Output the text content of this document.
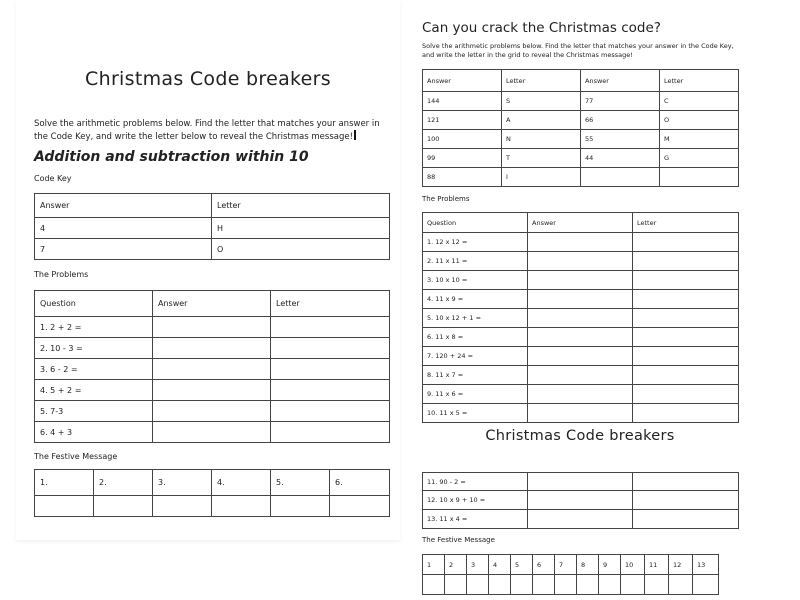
Christmas Code breakers
Solve the arithmetic problems below. Find the letter that matches your answer in the Code Key, and write the letter below to reveal the Christmas message!
Addition and subtraction within 10
Code Key
Answer	Letter
4	H
7	O
The Problems
Question	Answer	Letter
1. 2 + 2 =		
2. 10 - 3 =		
3. 6 - 2 =		
4. 5 + 2 =		
5. 7-3		
6. 4 + 3		
The Festive Message
1.	2.	3.	4.	5.	6.

Can you crack the Christmas code?
Solve the arithmetic problems below. Find the letter that matches your answer in the Code Key, and write the letter in the grid to reveal the Christmas message!
Answer	Letter	Answer	Letter
144	S	77	C
121	A	66	O
100	N	55	M
99	T	44	G
88	I		
The Problems
Question	Answer	Letter
1. 12 x 12 =		
2. 11 x 11 =		
3. 10 x 10 =		
4. 11 x 9 =		
5. 10 x 12 + 1 =		
6. 11 x 8 =		
7. 120 + 24 =		
8. 11 x 7 =		
9. 11 x 6 =		
10. 11 x 5 =		
Christmas Code breakers
11. 90 - 2 =		
12. 10 x 9 + 10 =		
13. 11 x 4 =		
The Festive Message
1	2	3	4	5	6	7	8	9	10	11	12	13
